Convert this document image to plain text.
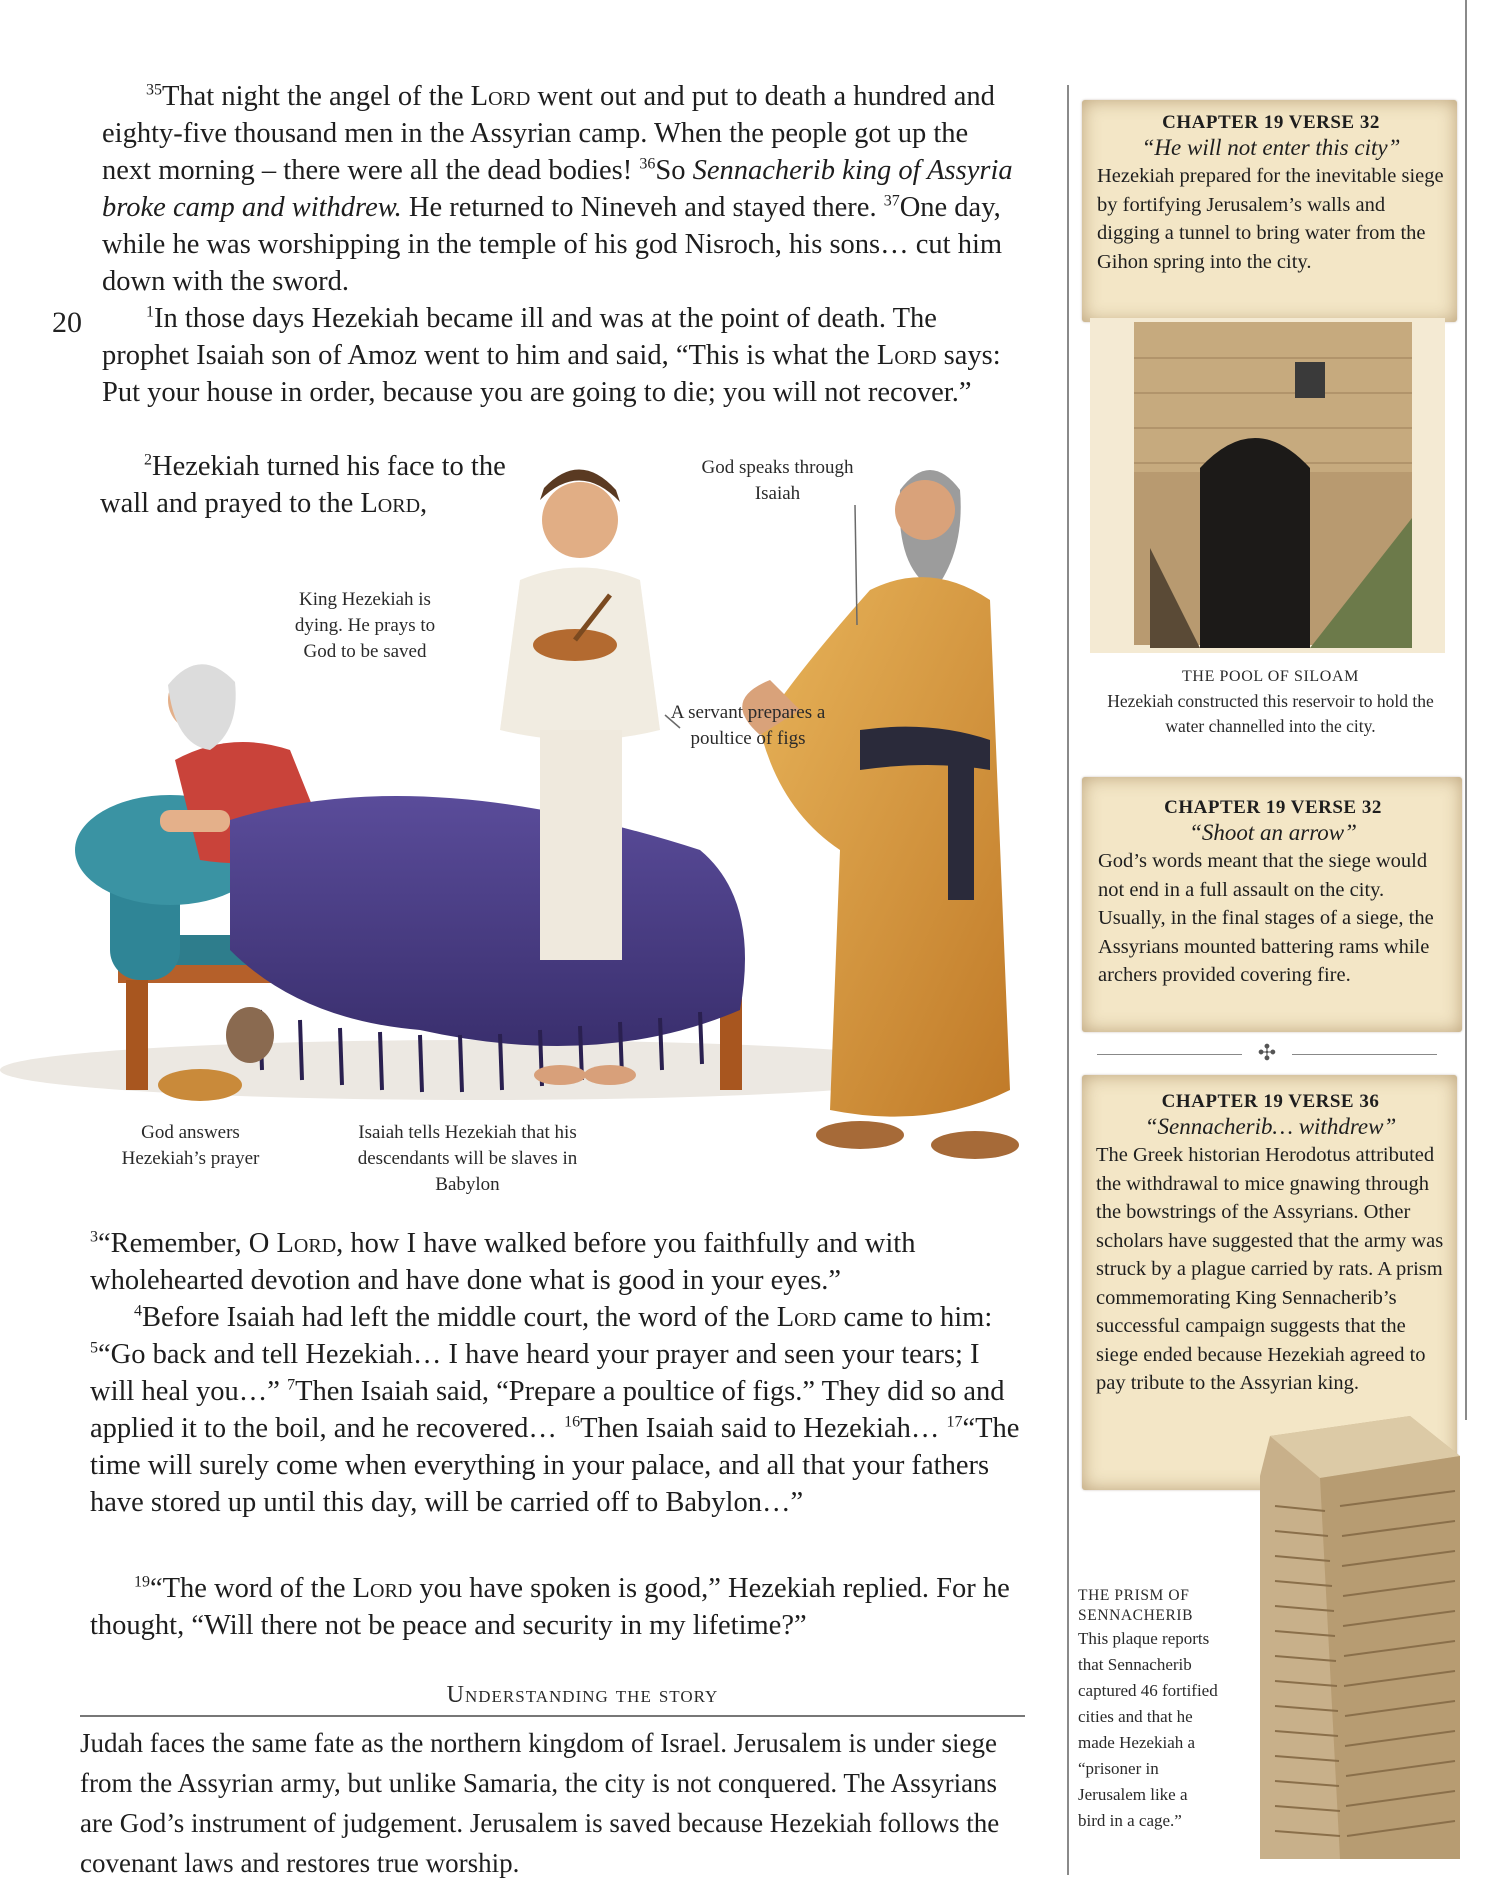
$^{35}$That night the angel of the Lord went out and put to death a hundred and eighty-five thousand men in the Assyrian camp. When the people got up the next morning – there were all the dead bodies! $^{36}$So Sennacherib king of Assyria broke camp and withdrew. He returned to Nineveh and stayed there. $^{37}$One day, while he was worshipping in the temple of his god Nisroch, his sons… cut him down with the sword.
20	$^1$In those days Hezekiah became ill and was at the point of death. The prophet Isaiah son of Amoz went to him and said, “This is what the Lord says: Put your house in order, because you are going to die; you will not recover.”
$^2$Hezekiah turned his face to the wall and prayed to the Lord,
God speaks through Isaiah
King Hezekiah is dying. He prays to God to be saved
A servant prepares a poultice of figs
God answers Hezekiah’s prayer
Isaiah tells Hezekiah that his descendants will be slaves in Babylon
$^3$“Remember, O Lord, how I have walked before you faithfully and with wholehearted devotion and have done what is good in your eyes.”
$^4$Before Isaiah had left the middle court, the word of the Lord came to him: $^5$“Go back and tell Hezekiah… I have heard your prayer and seen your tears; I will heal you…” $^7$Then Isaiah said, “Prepare a poultice of figs.” They did so and applied it to the boil, and he recovered… $^{16}$Then Isaiah said to Hezekiah… $^{17}$“The time will surely come when everything in your palace, and all that your fathers have stored up until this day, will be carried off to Babylon…”
$^{19}$“The word of the Lord you have spoken is good,” Hezekiah replied. For he thought, “Will there not be peace and security in my lifetime?”
Understanding the story
Judah faces the same fate as the northern kingdom of Israel. Jerusalem is under siege from the Assyrian army, but unlike Samaria, the city is not conquered. The Assyrians are God’s instrument of judgement. Jerusalem is saved because Hezekiah follows the covenant laws and restores true worship.
CHAPTER 19 VERSE 32
“He will not enter this city”
Hezekiah prepared for the inevitable siege by fortifying Jerusalem’s walls and digging a tunnel to bring water from the Gihon spring into the city.
THE POOL OF SILOAM
Hezekiah constructed this reservoir to hold the water channelled into the city.
CHAPTER 19 VERSE 32
“Shoot an arrow”
God’s words meant that the siege would not end in a full assault on the city. Usually, in the final stages of a siege, the Assyrians mounted battering rams while archers provided covering fire.
✣
CHAPTER 19 VERSE 36
“Sennacherib… withdrew”
The Greek historian Herodotus attributed the withdrawal to mice gnawing through the bowstrings of the Assyrians. Other scholars have suggested that the army was struck by a plague carried by rats. A prism commemorating King Sennacherib’s successful campaign suggests that the siege ended because Hezekiah agreed to pay tribute to the Assyrian king.
THE PRISM OF SENNACHERIB
This plaque reports that Sennacherib captured 46 fortified cities and that he made Hezekiah a “prisoner in Jerusalem like a bird in a cage.”
